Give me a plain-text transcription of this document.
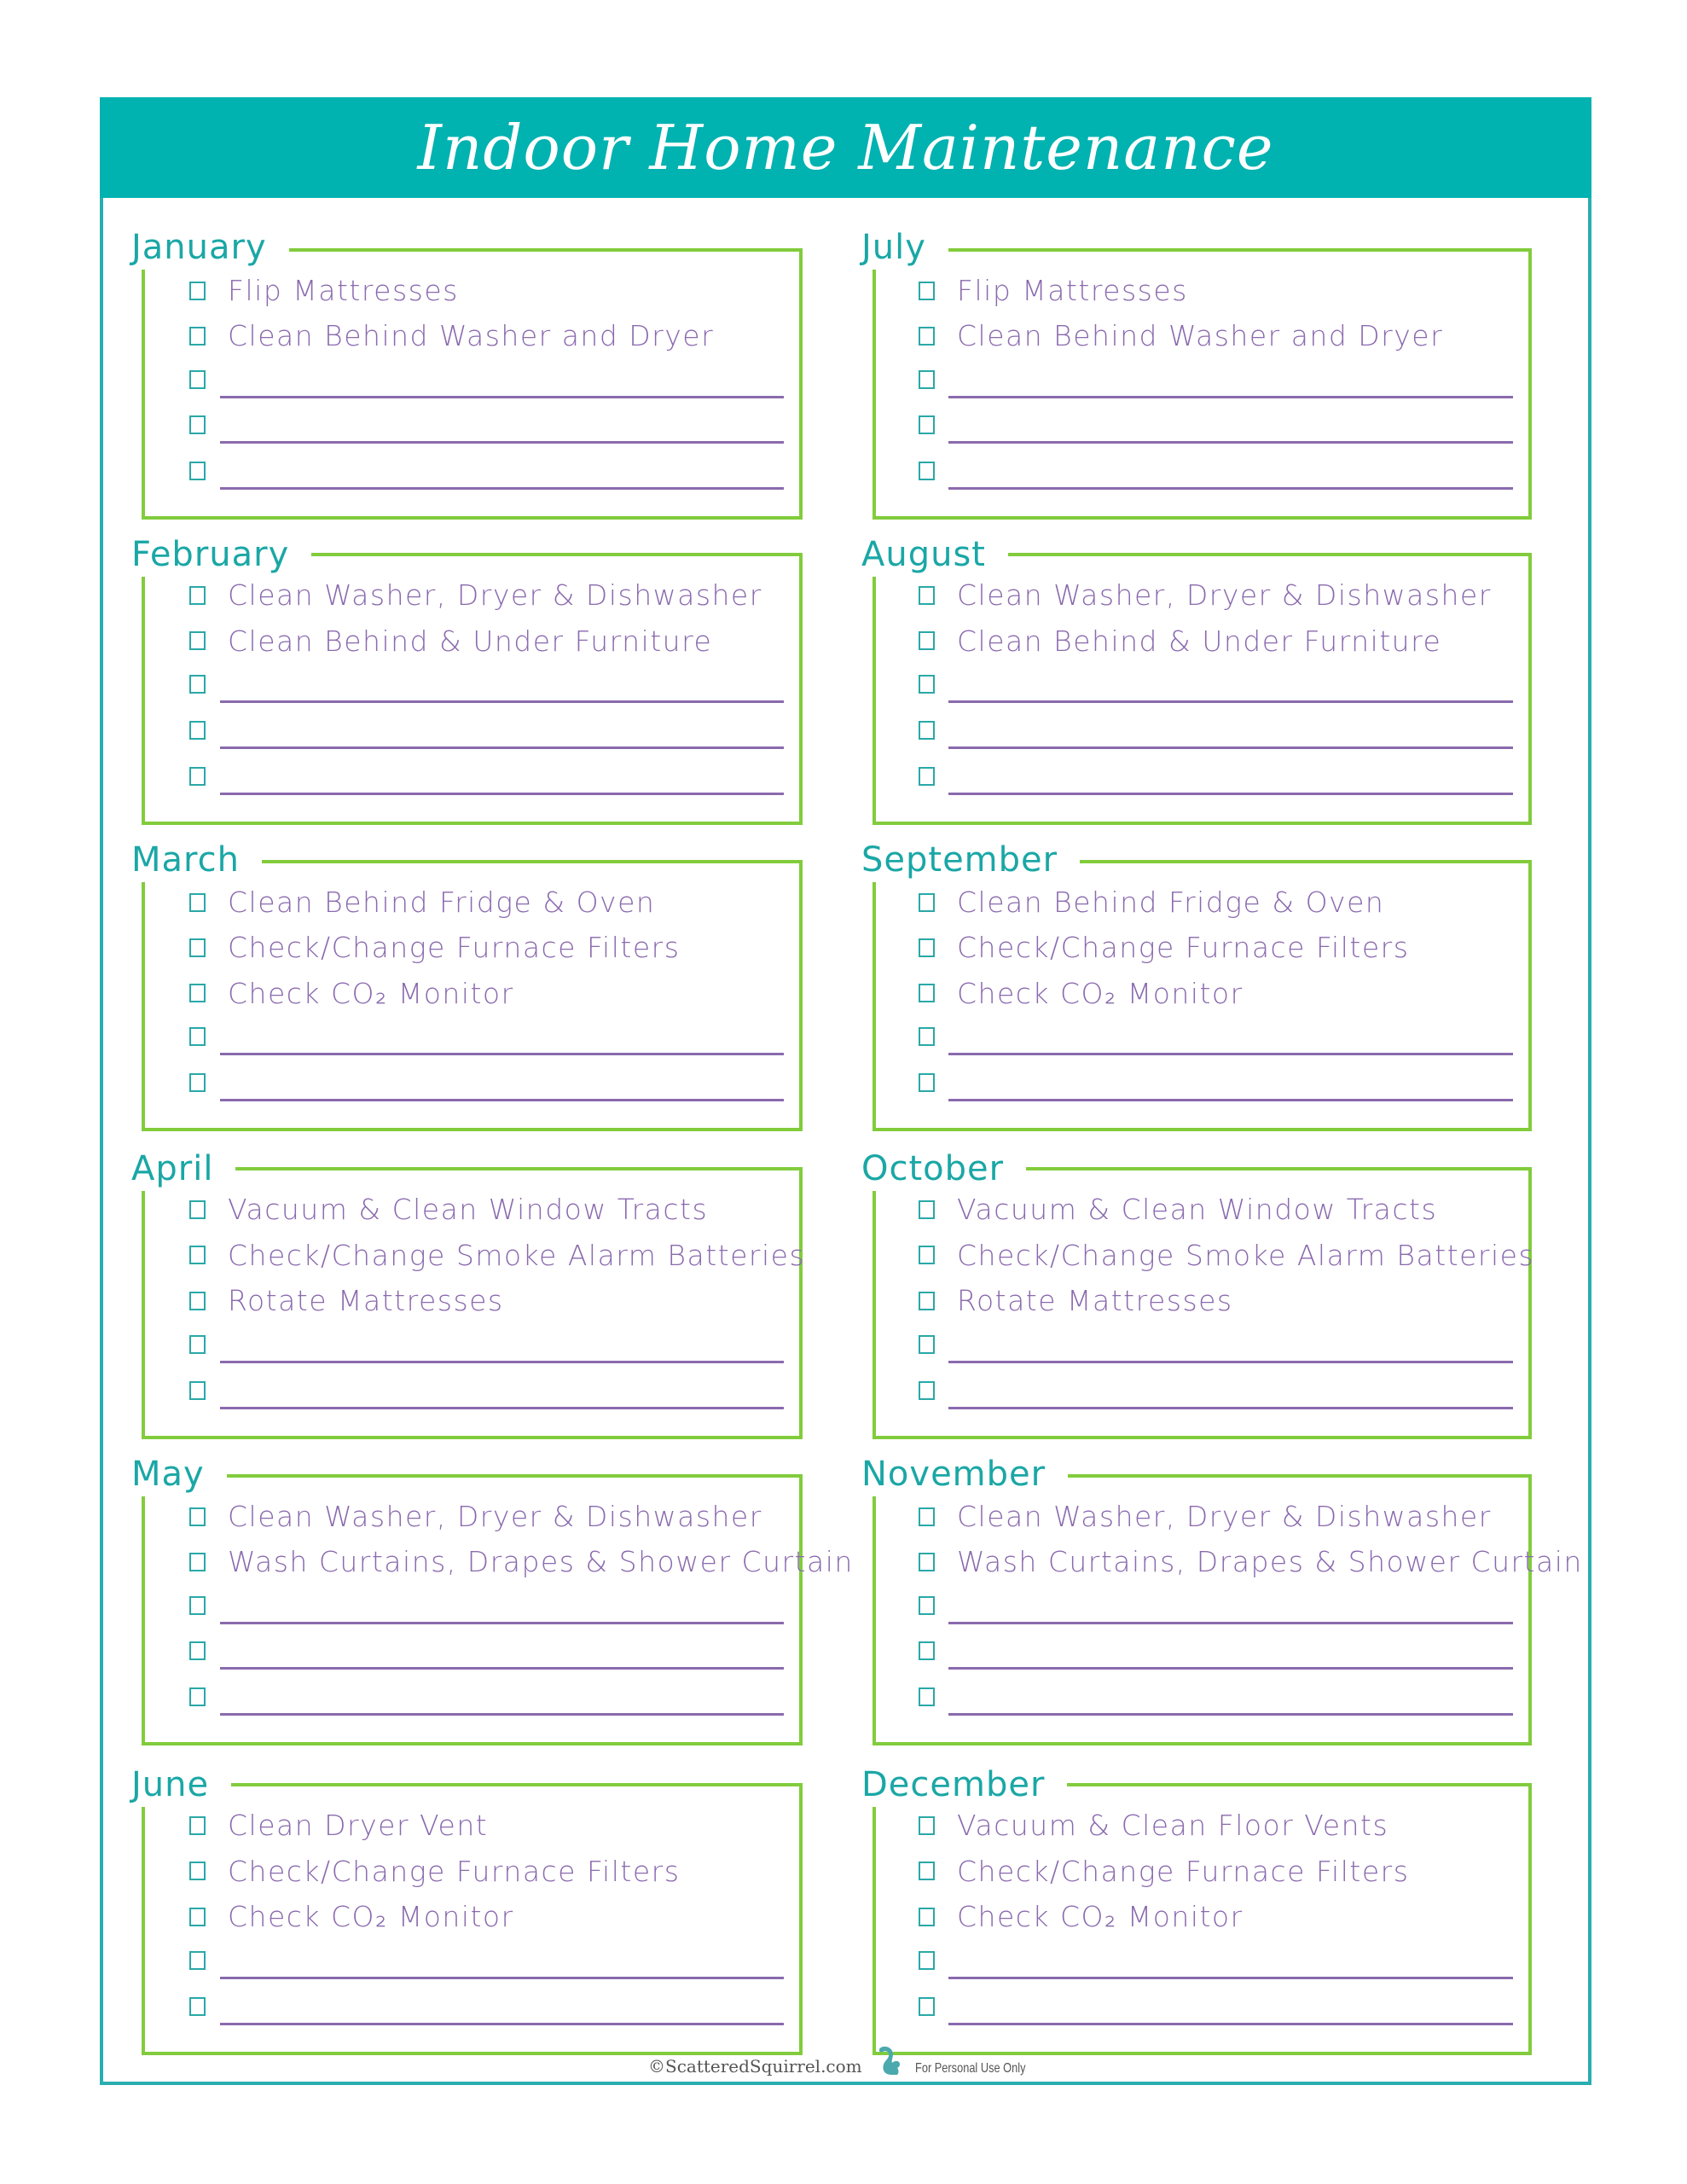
Indoor Home Maintenance
January
Flip Mattresses
Clean Behind Washer and Dryer
February
Clean Washer, Dryer & Dishwasher
Clean Behind & Under Furniture
March
Clean Behind Fridge & Oven
Check/Change Furnace Filters
Check CO₂ Monitor
April
Vacuum & Clean Window Tracts
Check/Change Smoke Alarm Batteries
Rotate Mattresses
May
Clean Washer, Dryer & Dishwasher
Wash Curtains, Drapes & Shower Curtain
June
Clean Dryer Vent
Check/Change Furnace Filters
Check CO₂ Monitor
July
Flip Mattresses
Clean Behind Washer and Dryer
August
Clean Washer, Dryer & Dishwasher
Clean Behind & Under Furniture
September
Clean Behind Fridge & Oven
Check/Change Furnace Filters
Check CO₂ Monitor
October
Vacuum & Clean Window Tracts
Check/Change Smoke Alarm Batteries
Rotate Mattresses
November
Clean Washer, Dryer & Dishwasher
Wash Curtains, Drapes & Shower Curtain
December
Vacuum & Clean Floor Vents
Check/Change Furnace Filters
Check CO₂ Monitor
©ScatteredSquirrel.com	For Personal Use Only
